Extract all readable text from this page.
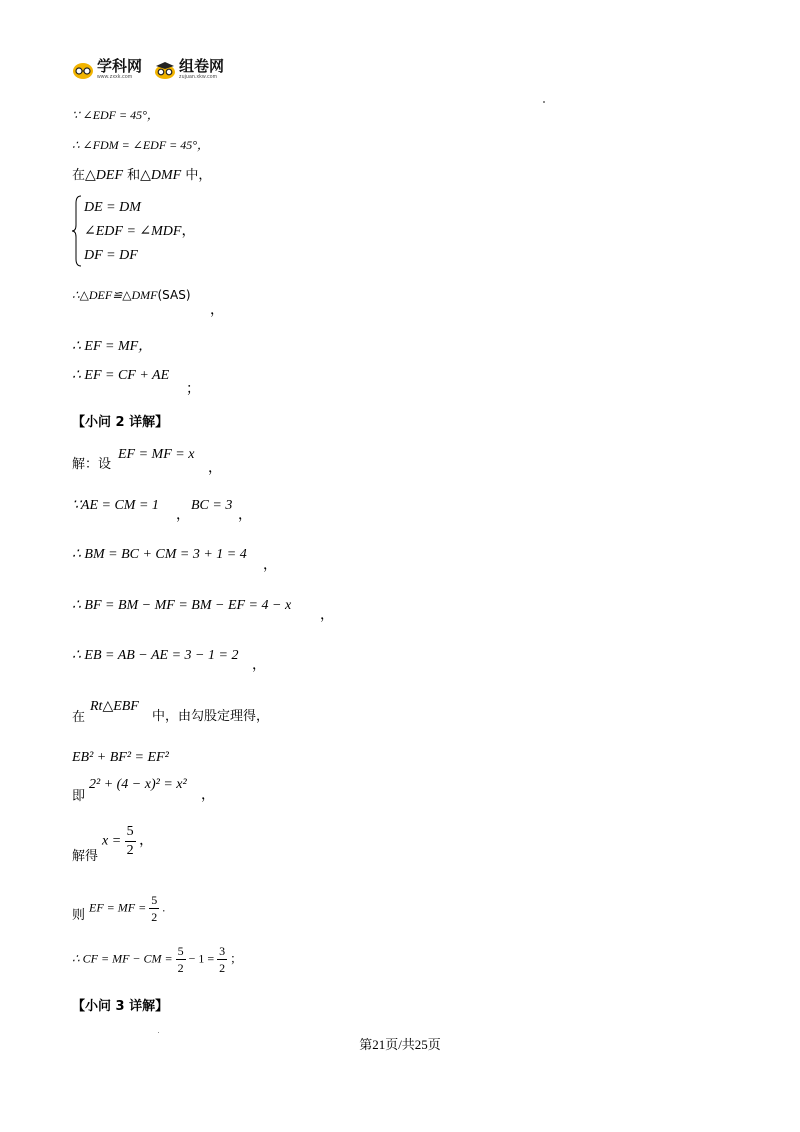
学科网
www.zxxk.com
组卷网
zujuan.xkw.com
∵ ∠EDF = 45°，
∴ ∠FDM = ∠EDF = 45°，
在△DEF 和△DMF 中，
DE = DM
∠EDF = ∠MDF，
DF = DF
∴△DEF≌△DMF(SAS)
，
∴ EF = MF，
∴ EF = CF + AE
；
【小问 2 详解】
解：设
EF = MF = x
，
∵AE = CM = 1
，
BC = 3
，
∴ BM = BC + CM = 3 + 1 = 4
，
∴ BF = BM − MF = BM − EF = 4 − x
，
∴ EB = AB − AE = 3 − 1 = 2
，
在
Rt△EBF
中，由勾股定理得，
EB² + BF² = EF²
即
2² + (4 − x)² = x²
，
解得
$x = \frac{5}{2}$ ，
则
EF = MF = $\frac{5}{2}$ .
∴ CF = MF − CM = $\frac{5}{2} - 1 = \frac{3}{2}$ ；
【小问 3 详解】
第21页/共25页
